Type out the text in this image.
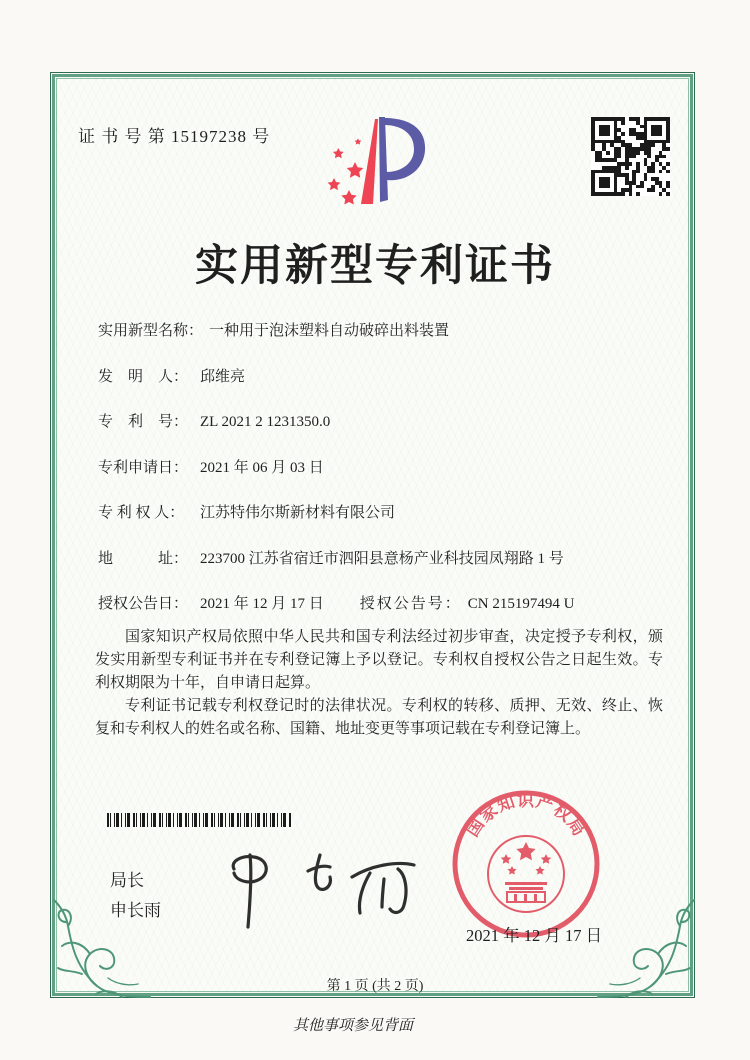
证 书 号 第 15197238 号
实用新型专利证书
实用新型名称： 一种用于泡沫塑料自动破碎出料装置
发　明　人： 邱维亮
专　利　号： ZL 2021 2 1231350.0
专利申请日： 2021 年 06 月 03 日
专 利 权 人： 江苏特伟尔斯新材料有限公司
地　　　址： 223700 江苏省宿迁市泗阳县意杨产业科技园凤翔路 1 号
授权公告日： 2021 年 12 月 17 日 授权公告号： CN 215197494 U

国家知识产权局依照中华人民共和国专利法经过初步审查，决定授予专利权，颁发实用新型专利证书并在专利登记簿上予以登记。专利权自授权公告之日起生效。专利权期限为十年，自申请日起算。

专利证书记载专利权登记时的法律状况。专利权的转移、质押、无效、终止、恢复和专利权人的姓名或名称、国籍、地址变更等事项记载在专利登记簿上。

局长
申长雨
国家知识产权局
2021 年 12 月 17 日
第 1 页 (共 2 页)
其他事项参见背面
